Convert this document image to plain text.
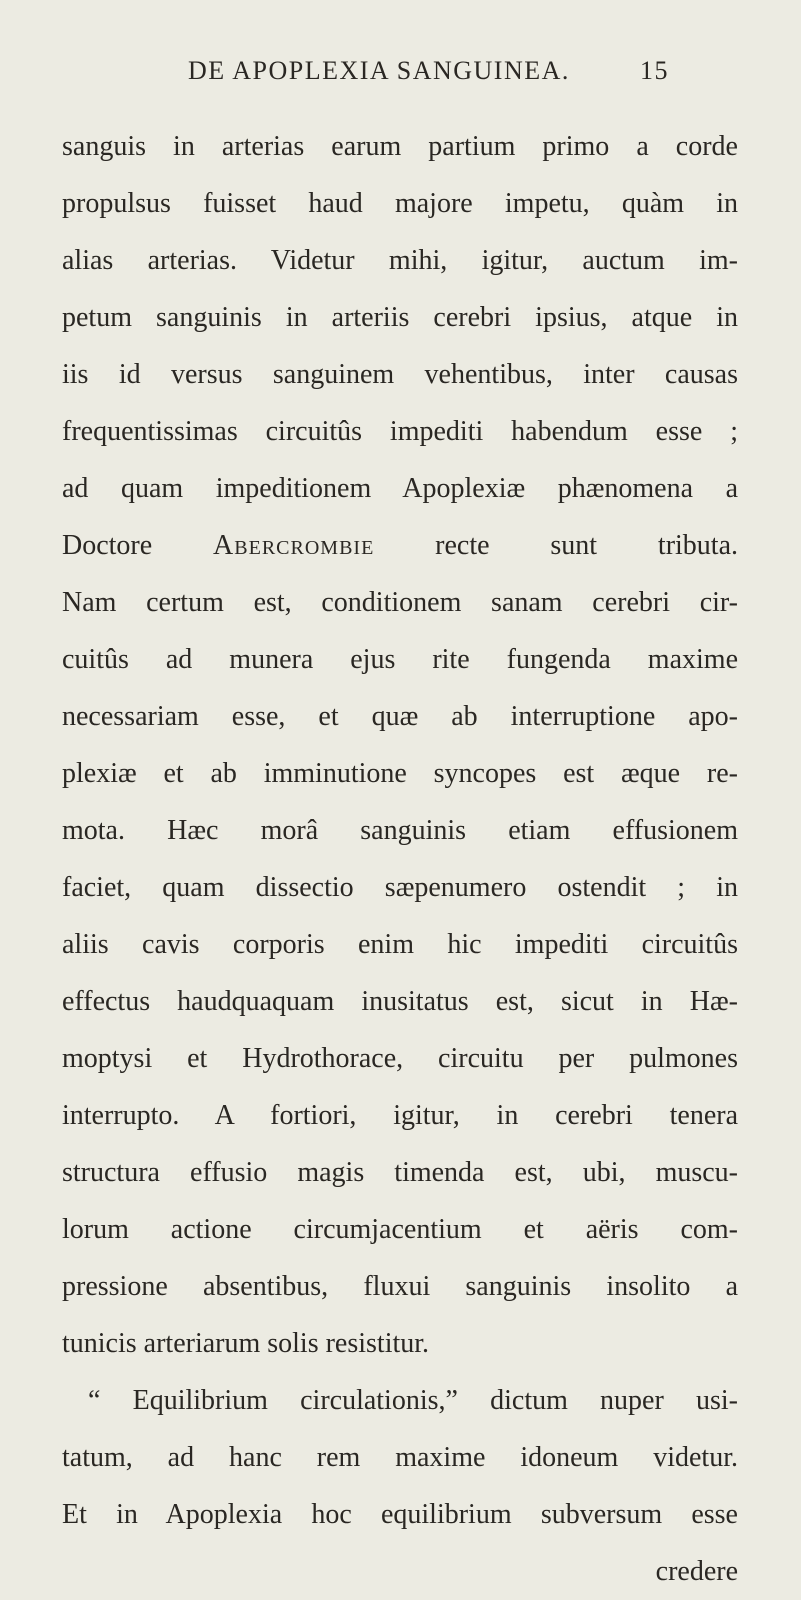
DE APOPLEXIA SANGUINEA.	15
sanguis in arterias earum partium primo a corde
propulsus fuisset haud majore impetu, quàm in
alias arterias. Videtur mihi, igitur, auctum im-
petum sanguinis in arteriis cerebri ipsius, atque in
iis id versus sanguinem vehentibus, inter causas
frequentissimas circuitûs impediti habendum esse ;
ad quam impeditionem Apoplexiæ phænomena a
Doctore Abercrombie recte sunt tributa.
Nam certum est, conditionem sanam cerebri cir-
cuitûs ad munera ejus rite fungenda maxime
necessariam esse, et quæ ab interruptione apo-
plexiæ et ab imminutione syncopes est æque re-
mota. Hæc morâ sanguinis etiam effusionem
faciet, quam dissectio sæpenumero ostendit ; in
aliis cavis corporis enim hic impediti circuitûs
effectus haudquaquam inusitatus est, sicut in Hæ-
moptysi et Hydrothorace, circuitu per pulmones
interrupto. A fortiori, igitur, in cerebri tenera
structura effusio magis timenda est, ubi, muscu-
lorum actione circumjacentium et aëris com-
pressione absentibus, fluxui sanguinis insolito a
tunicis arteriarum solis resistitur.
“ Equilibrium circulationis,” dictum nuper usi-
tatum, ad hanc rem maxime idoneum videtur.
Et in Apoplexia hoc equilibrium subversum esse
credere
